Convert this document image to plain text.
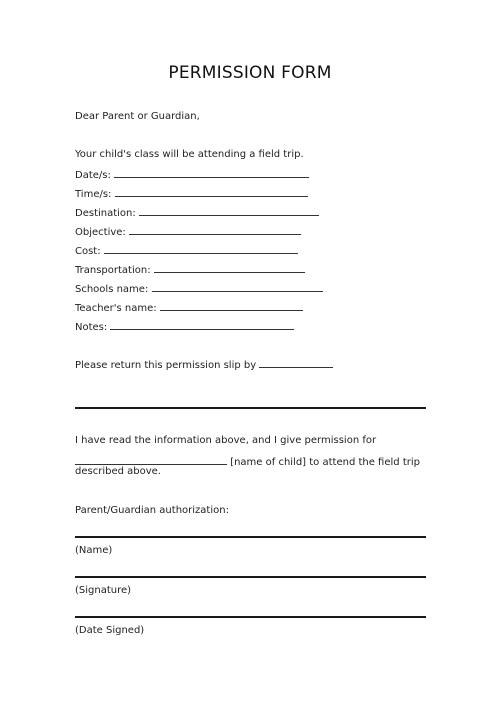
PERMISSION FORM
Dear Parent or Guardian,
Your child's class will be attending a field trip.
Date/s:
Time/s:
Destination:
Objective:
Cost:
Transportation:
Schools name:
Teacher's name:
Notes:
Please return this permission slip by
I have read the information above, and I give permission for
[name of child] to attend the field trip
described above.
Parent/Guardian authorization:
(Name)
(Signature)
(Date Signed)
